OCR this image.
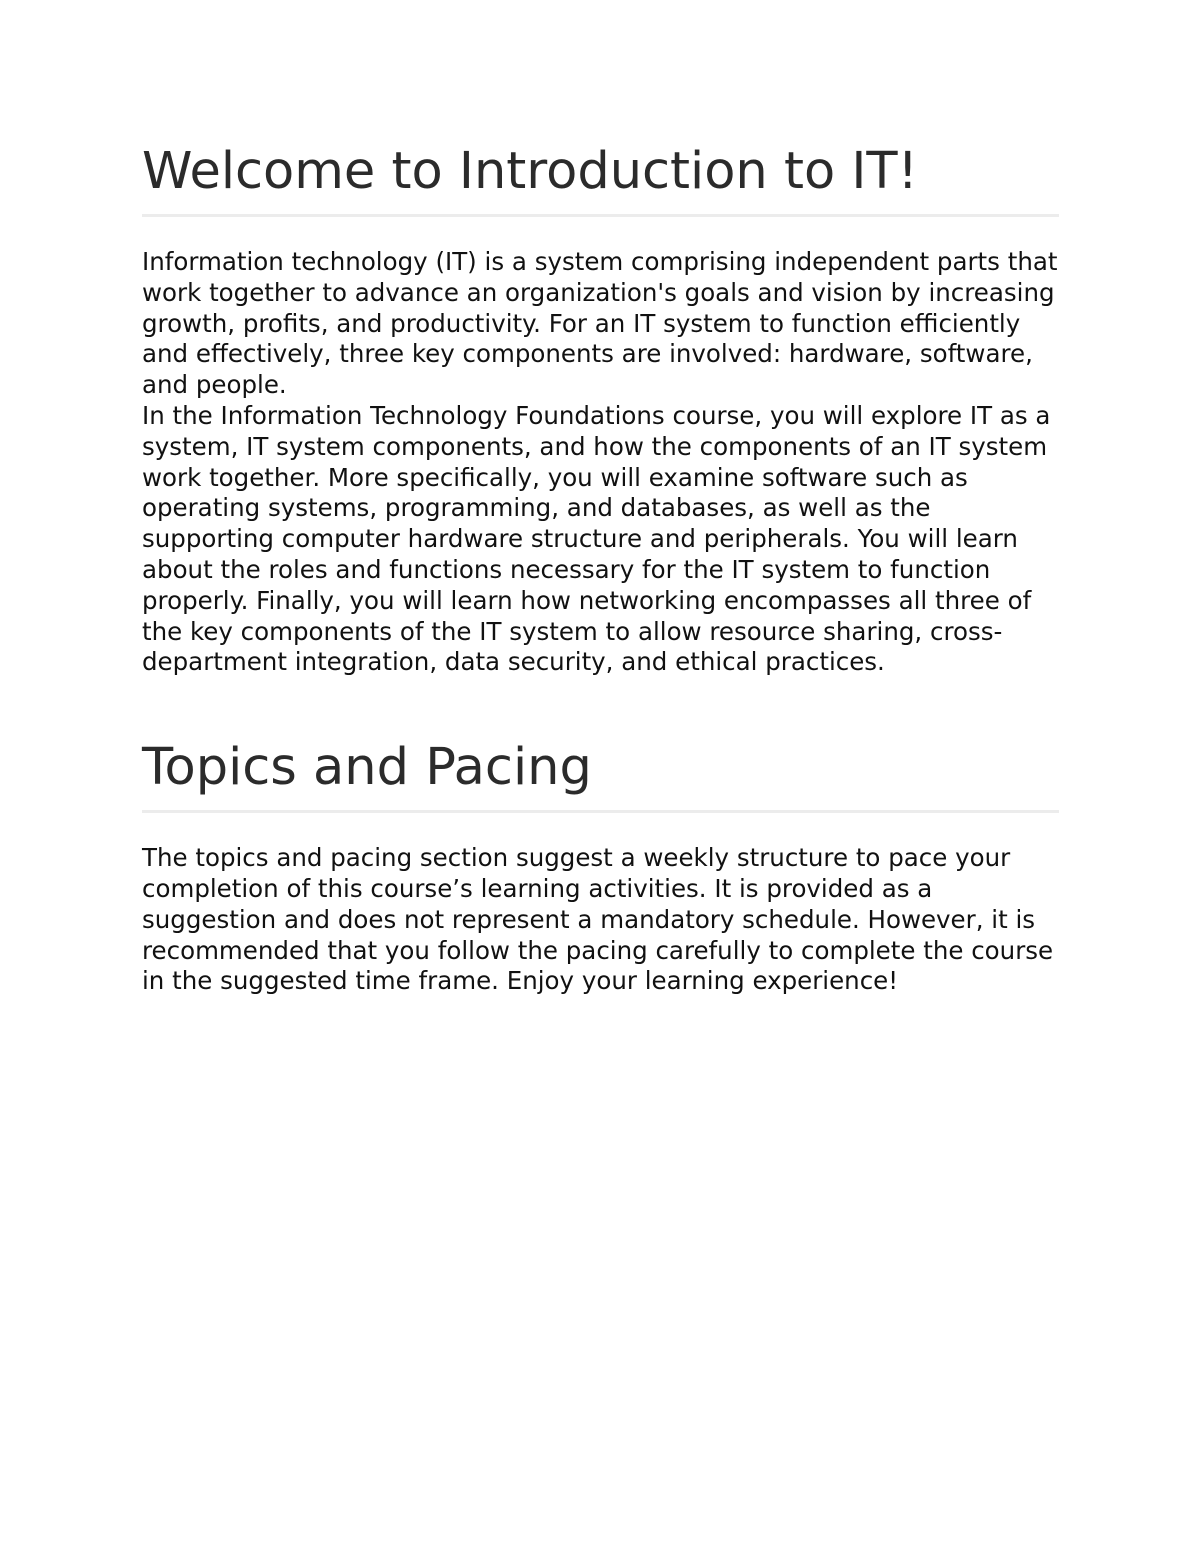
Welcome to Introduction to IT!

Information technology (IT) is a system comprising independent parts that work together to advance an organization's goals and vision by increasing growth, profits, and productivity. For an IT system to function efficiently and effectively, three key components are involved: hardware, software, and people.

In the Information Technology Foundations course, you will explore IT as a system, IT system components, and how the components of an IT system work together. More specifically, you will examine software such as operating systems, programming, and databases, as well as the supporting computer hardware structure and peripherals. You will learn about the roles and functions necessary for the IT system to function properly. Finally, you will learn how networking encompasses all three of the key components of the IT system to allow resource sharing, cross-department integration, data security, and ethical practices.

Topics and Pacing

The topics and pacing section suggest a weekly structure to pace your completion of this course’s learning activities. It is provided as a suggestion and does not represent a mandatory schedule. However, it is recommended that you follow the pacing carefully to complete the course in the suggested time frame. Enjoy your learning experience!
